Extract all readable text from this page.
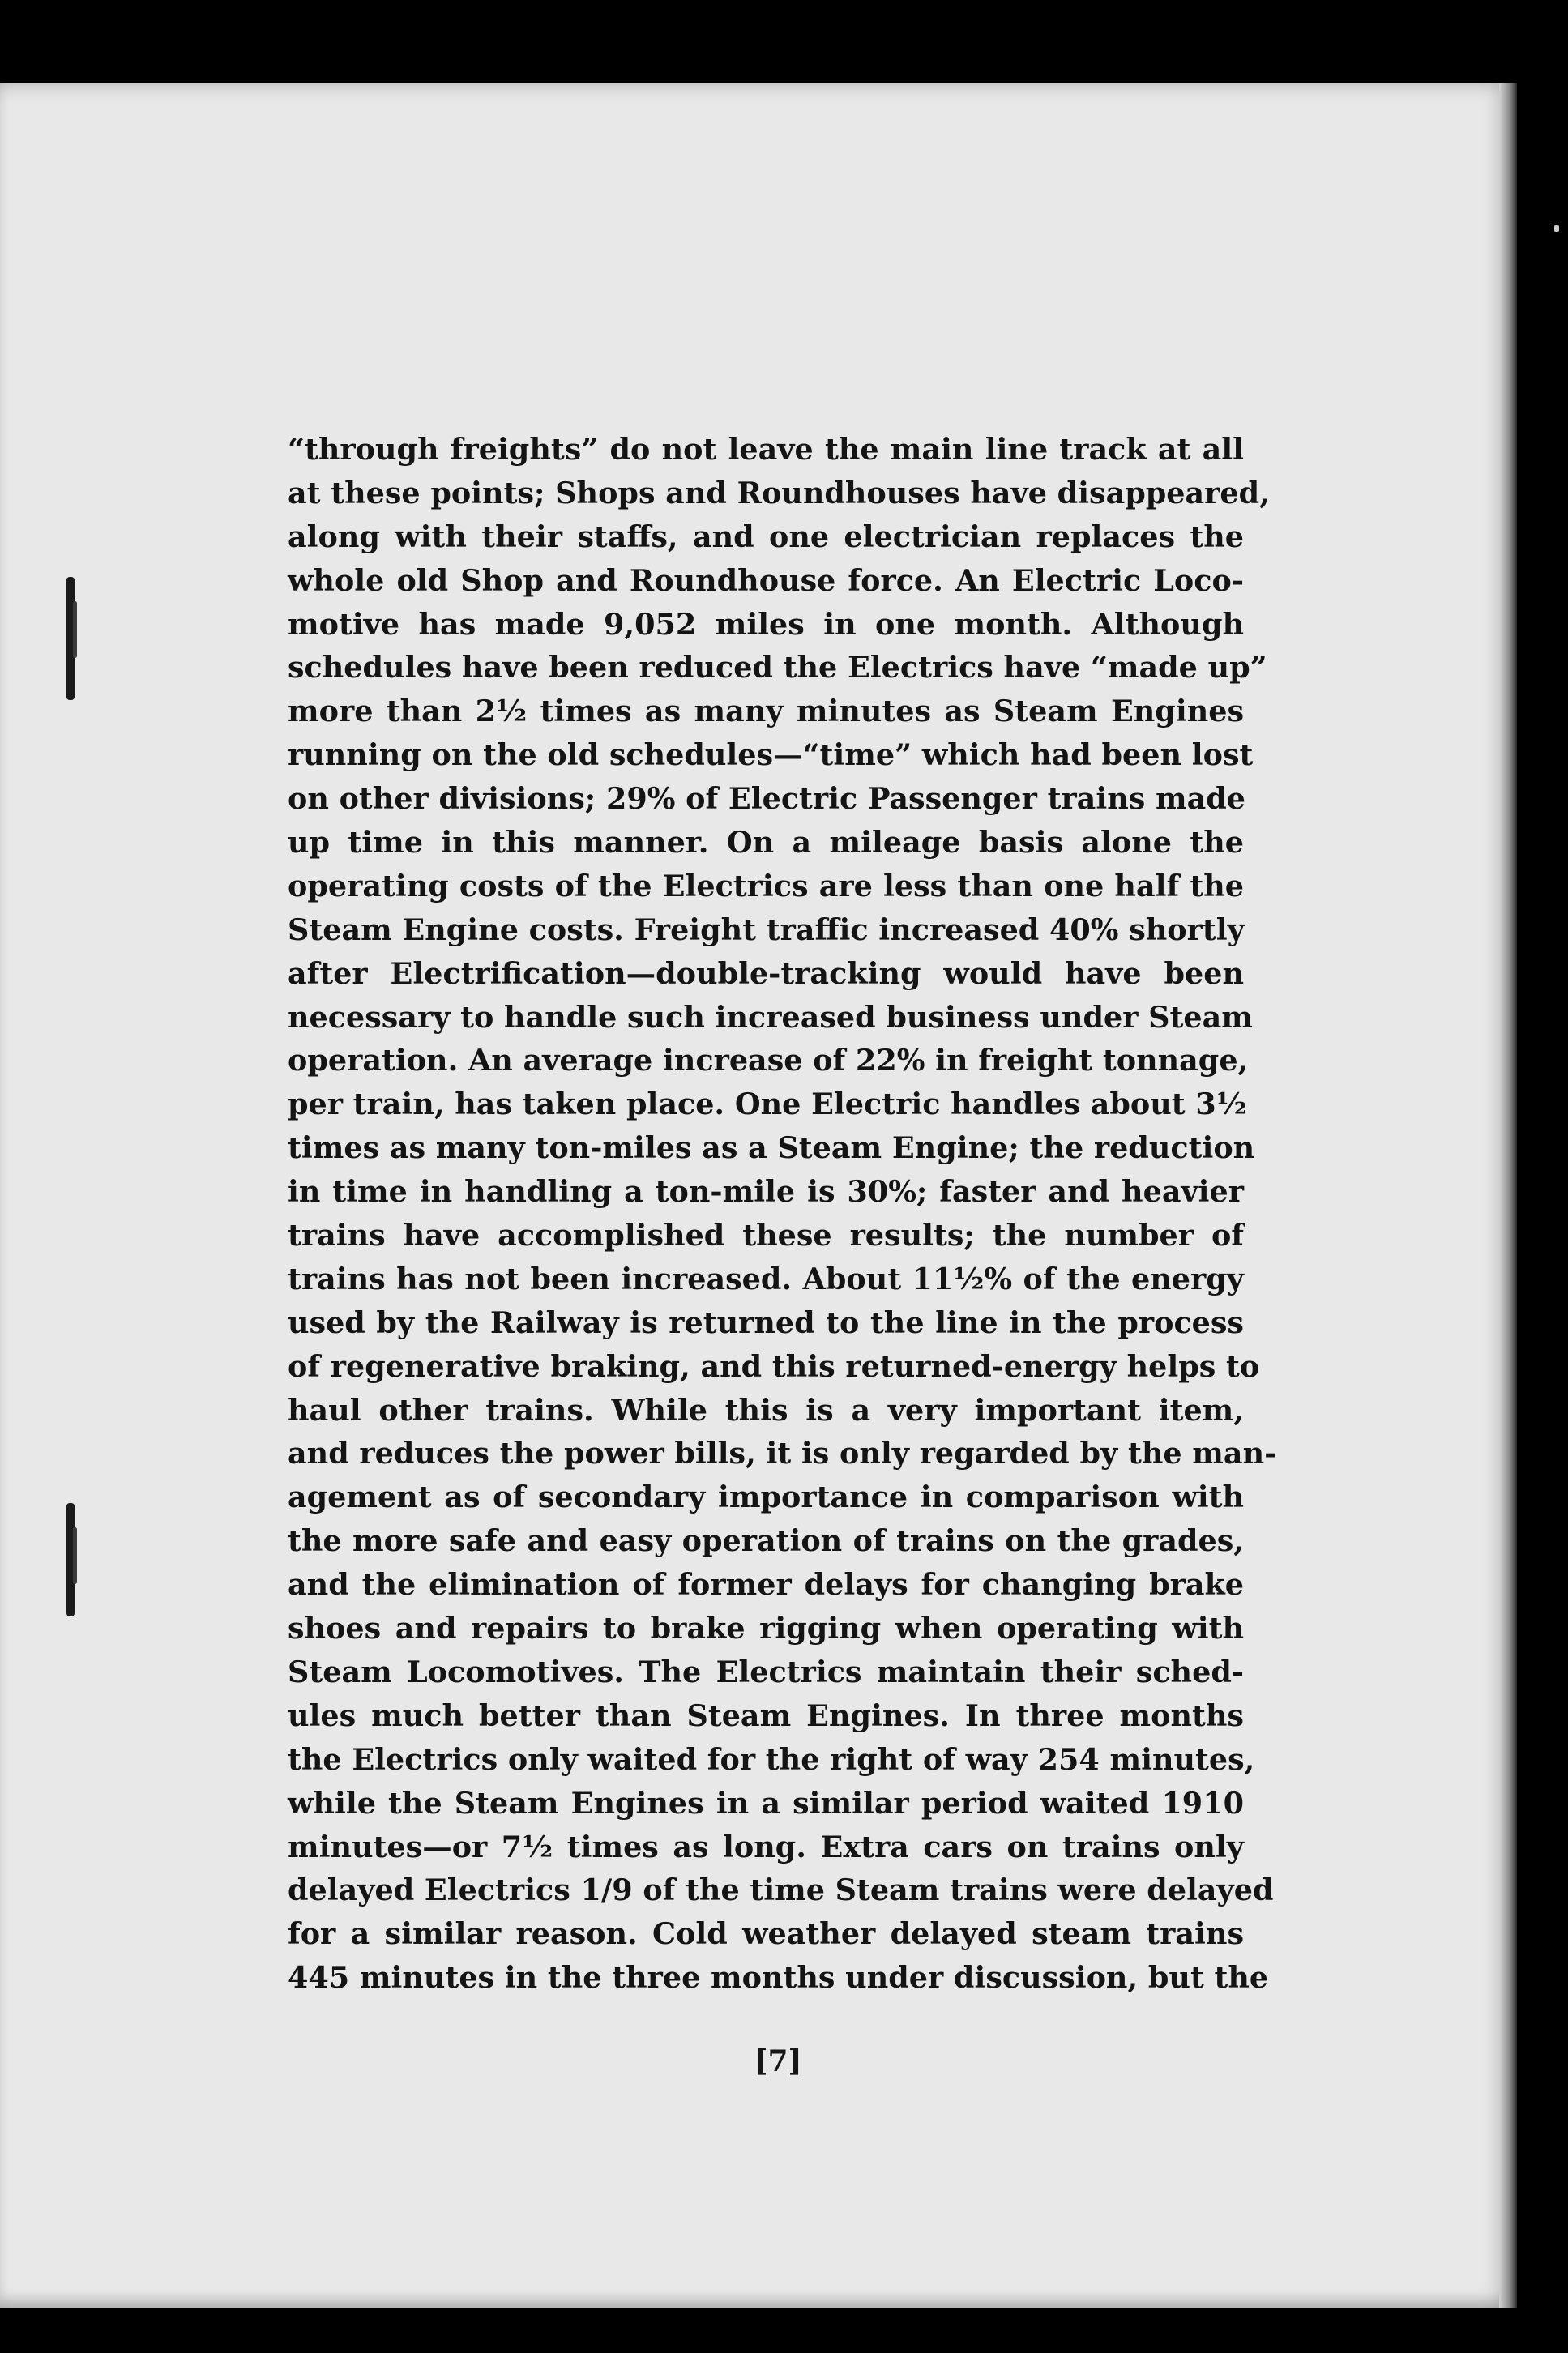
“through freights” do not leave the main line track at all
at these points; Shops and Roundhouses have disappeared,
along with their staffs, and one electrician replaces the
whole old Shop and Roundhouse force. An Electric Loco-
motive has made 9,052 miles in one month. Although
schedules have been reduced the Electrics have “made up”
more than 2½ times as many minutes as Steam Engines
running on the old schedules—“time” which had been lost
on other divisions; 29% of Electric Passenger trains made
up time in this manner. On a mileage basis alone the
operating costs of the Electrics are less than one half the
Steam Engine costs. Freight traffic increased 40% shortly
after Electrification—double-tracking would have been
necessary to handle such increased business under Steam
operation. An average increase of 22% in freight tonnage,
per train, has taken place. One Electric handles about 3½
times as many ton-miles as a Steam Engine; the reduction
in time in handling a ton-mile is 30%; faster and heavier
trains have accomplished these results; the number of
trains has not been increased. About 11½% of the energy
used by the Railway is returned to the line in the process
of regenerative braking, and this returned-energy helps to
haul other trains. While this is a very important item,
and reduces the power bills, it is only regarded by the man-
agement as of secondary importance in comparison with
the more safe and easy operation of trains on the grades,
and the elimination of former delays for changing brake
shoes and repairs to brake rigging when operating with
Steam Locomotives. The Electrics maintain their sched-
ules much better than Steam Engines. In three months
the Electrics only waited for the right of way 254 minutes,
while the Steam Engines in a similar period waited 1910
minutes—or 7½ times as long. Extra cars on trains only
delayed Electrics 1/9 of the time Steam trains were delayed
for a similar reason. Cold weather delayed steam trains
445 minutes in the three months under discussion, but the
[7]
